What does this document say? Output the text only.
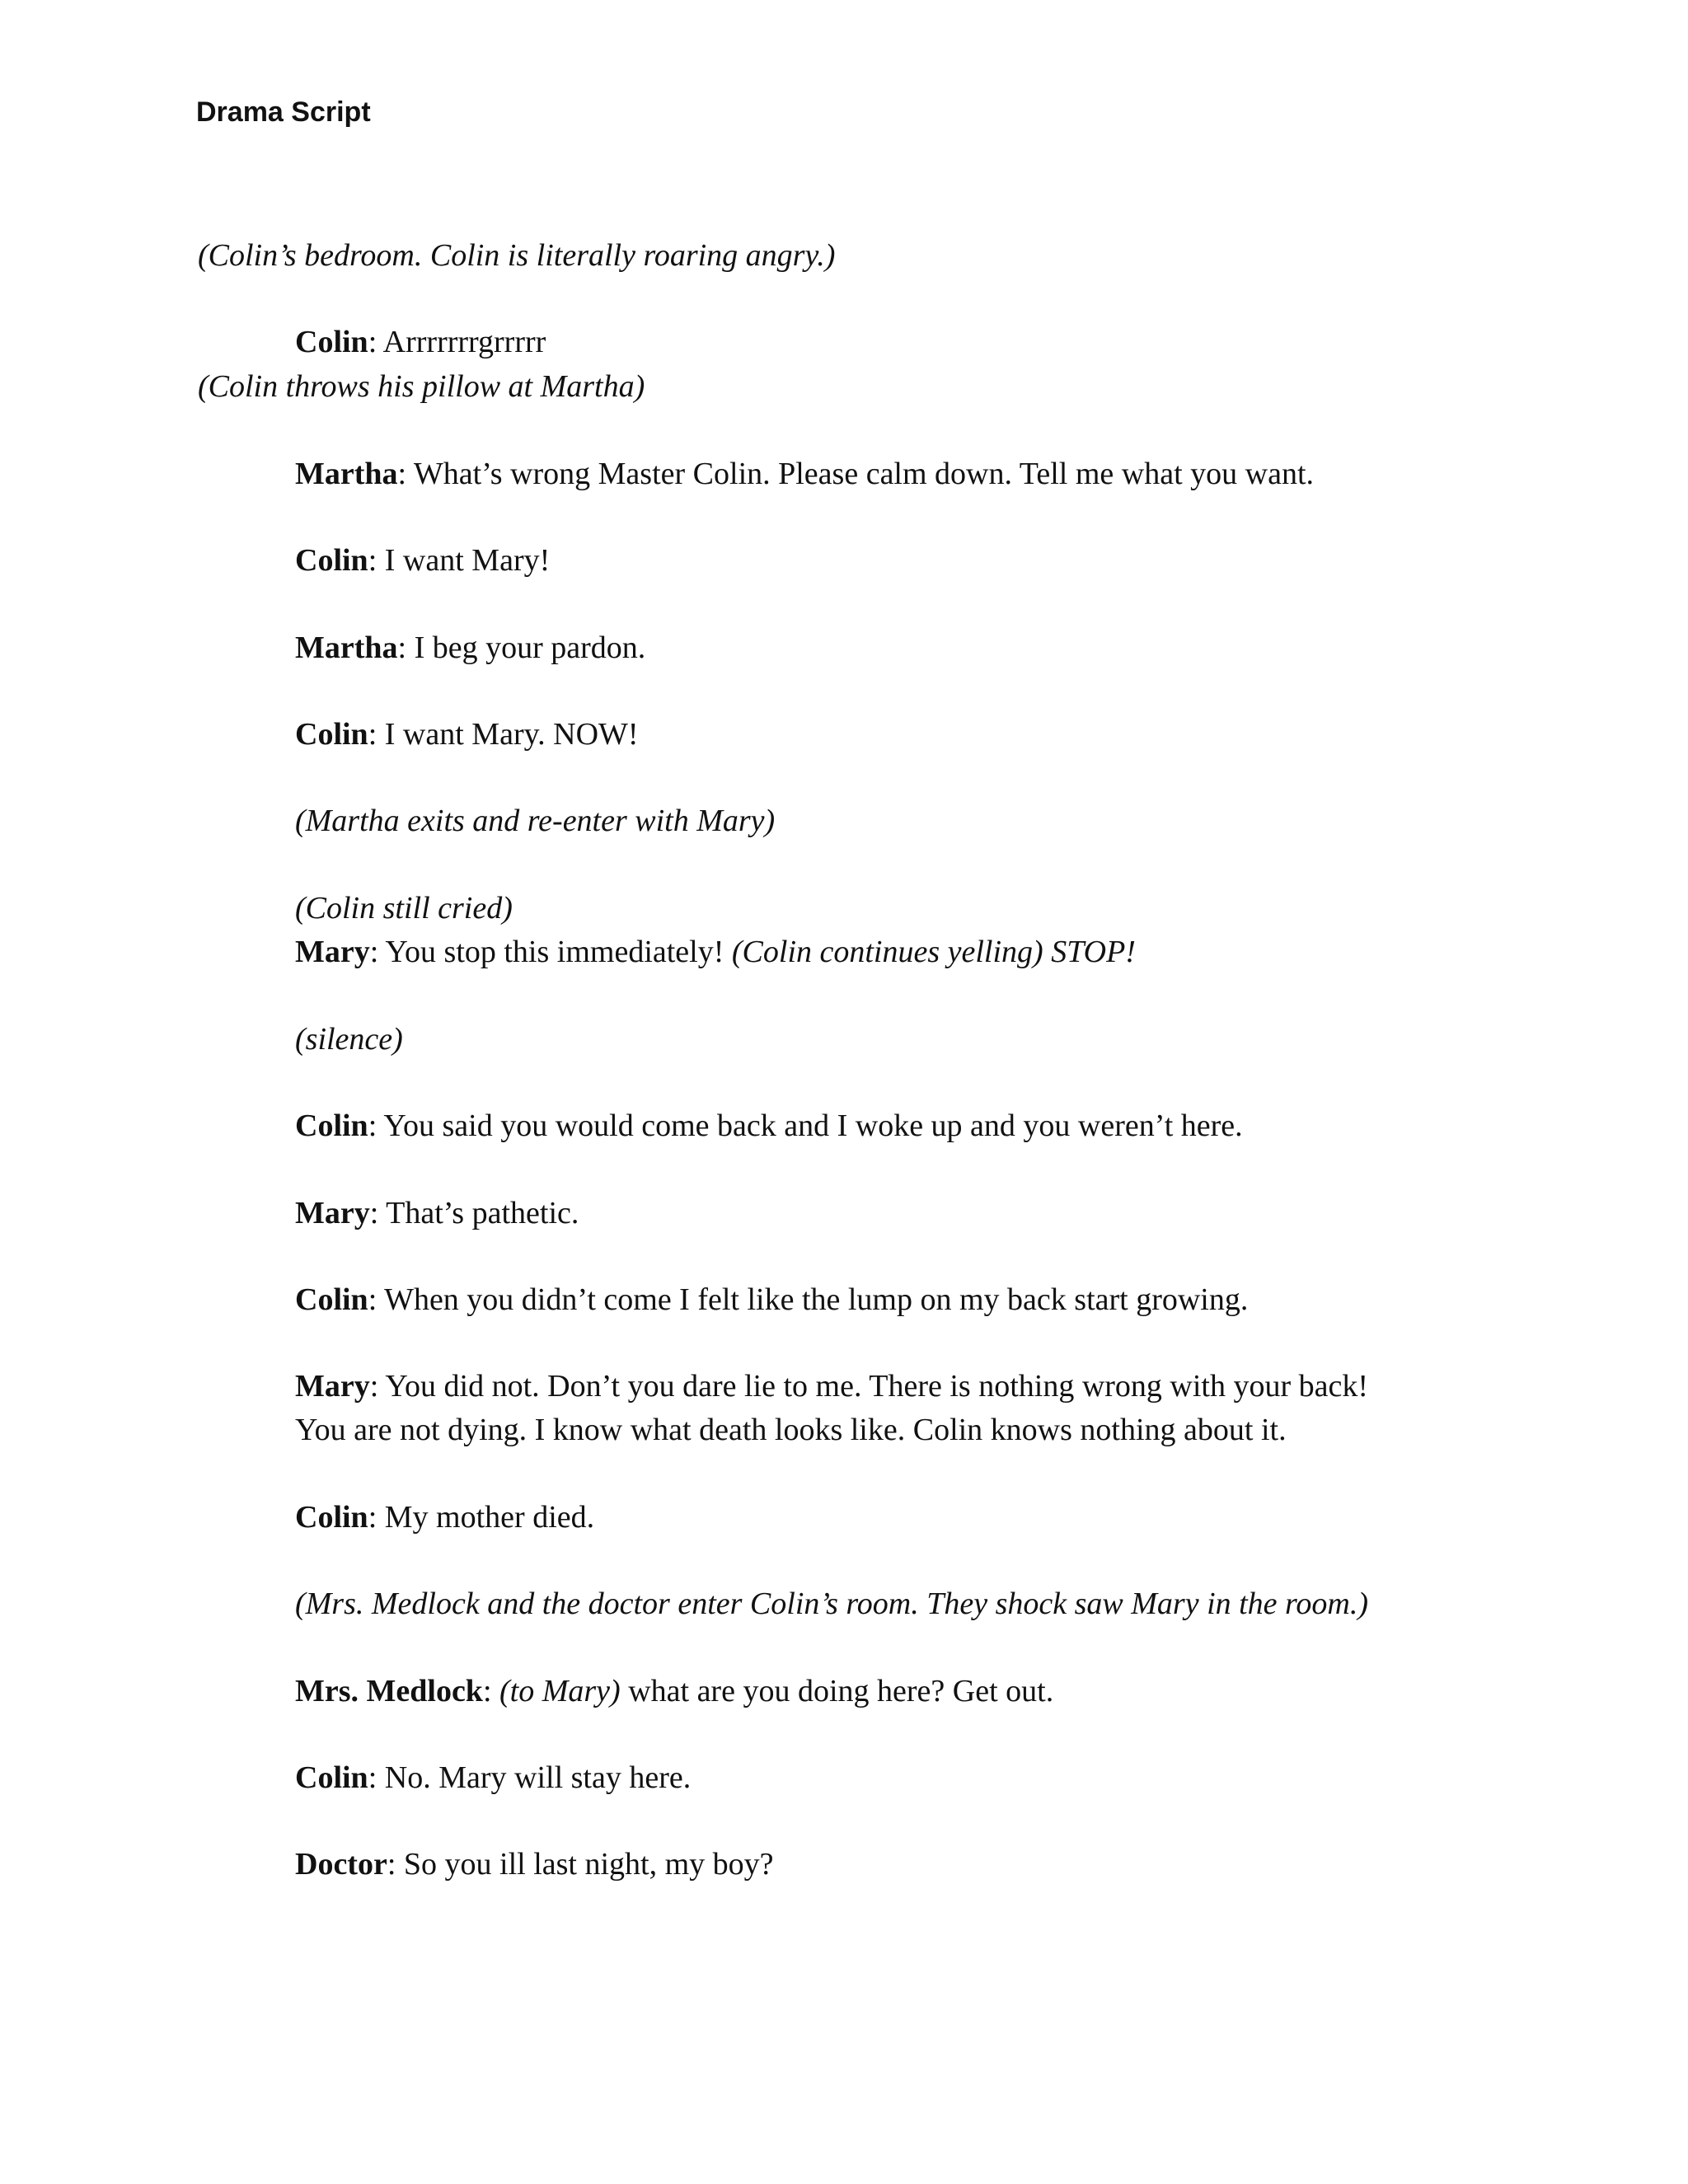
Drama Script

(Colin’s bedroom. Colin is literally roaring angry.)

Colin: Arrrrrrrgrrrrr

(Colin throws his pillow at Martha)

Martha: What’s wrong Master Colin. Please calm down. Tell me what you want.

Colin: I want Mary!

Martha: I beg your pardon.

Colin: I want Mary. NOW!

(Martha exits and re-enter with Mary)

(Colin still cried)

Mary: You stop this immediately! (Colin continues yelling) STOP!

(silence)

Colin: You said you would come back and I woke up and you weren’t here.

Mary: That’s pathetic.

Colin: When you didn’t come I felt like the lump on my back start growing.

Mary: You did not. Don’t you dare lie to me. There is nothing wrong with your back!

You are not dying. I know what death looks like. Colin knows nothing about it.

Colin: My mother died.

(Mrs. Medlock and the doctor enter Colin’s room. They shock saw Mary in the room.)

Mrs. Medlock: (to Mary) what are you doing here? Get out.

Colin: No. Mary will stay here.

Doctor: So you ill last night, my boy?
